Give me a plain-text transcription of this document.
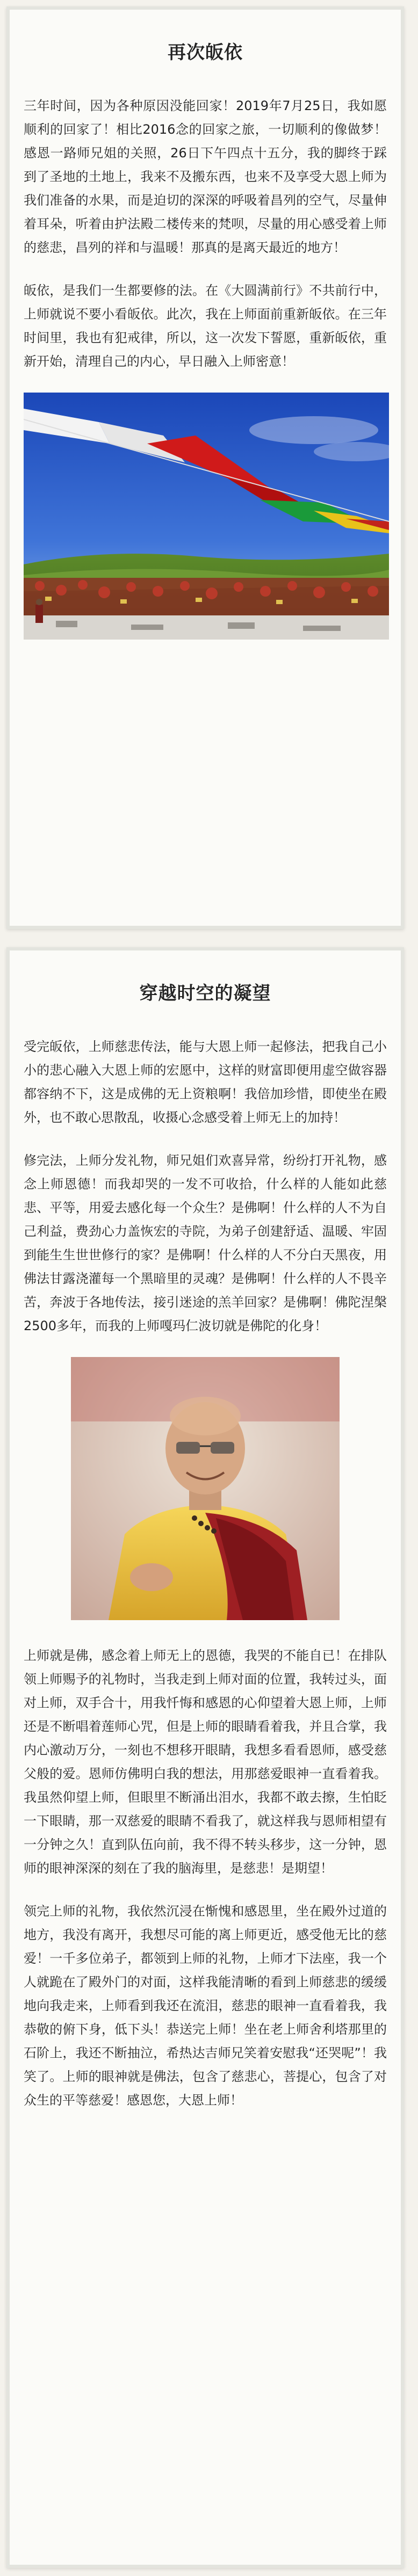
再次皈依

三年时间，因为各种原因没能回家！2019年7月25日，我如愿顺利的回家了！相比2016念的回家之旅，一切顺利的像做梦！感恩一路师兄姐的关照，26日下午四点十五分，我的脚终于踩到了圣地的土地上，我来不及搬东西，也来不及享受大恩上师为我们准备的水果，而是迫切的深深的呼吸着昌列的空气，尽量伸着耳朵，听着由护法殿二楼传来的梵呗，尽量的用心感受着上师的慈悲，昌列的祥和与温暖！那真的是离天最近的地方！

皈依，是我们一生都要修的法。在《大圆满前行》不共前行中，上师就说不要小看皈依。此次，我在上师面前重新皈依。在三年时间里，我也有犯戒律，所以，这一次发下誓愿，重新皈依，重新开始，清理自己的内心，早日融入上师密意！

穿越时空的凝望

受完皈依，上师慈悲传法，能与大恩上师一起修法，把我自己小小的悲心融入大恩上师的宏愿中，这样的财富即便用虚空做容器都容纳不下，这是成佛的无上资粮啊！我倍加珍惜，即使坐在殿外，也不敢心思散乱，收摄心念感受着上师无上的加持！

修完法，上师分发礼物，师兄姐们欢喜异常，纷纷打开礼物，感念上师恩德！而我却哭的一发不可收拾，什么样的人能如此慈悲、平等，用爱去感化每一个众生？是佛啊！什么样的人不为自己利益，费劲心力盖恢宏的寺院，为弟子创建舒适、温暖、牢固到能生生世世修行的家？是佛啊！什么样的人不分白天黑夜，用佛法甘露浇灌每一个黑暗里的灵魂？是佛啊！什么样的人不畏辛苦，奔波于各地传法，接引迷途的羔羊回家？是佛啊！佛陀涅槃2500多年，而我的上师嘎玛仁波切就是佛陀的化身！

上师就是佛，感念着上师无上的恩德，我哭的不能自已！在排队领上师赐予的礼物时，当我走到上师对面的位置，我转过头，面对上师，双手合十，用我忏悔和感恩的心仰望着大恩上师，上师还是不断唱着莲师心咒，但是上师的眼睛看着我，并且合掌，我内心激动万分，一刻也不想移开眼睛，我想多看看恩师，感受慈父般的爱。恩师仿佛明白我的想法，用那慈爱眼神一直看着我。我虽然仰望上师，但眼里不断涌出泪水，我都不敢去擦，生怕眨一下眼睛，那一双慈爱的眼睛不看我了，就这样我与恩师相望有一分钟之久！直到队伍向前，我不得不转头移步，这一分钟，恩师的眼神深深的刻在了我的脑海里，是慈悲！是期望！

领完上师的礼物，我依然沉浸在惭愧和感恩里，坐在殿外过道的地方，我没有离开，我想尽可能的离上师更近，感受他无比的慈爱！一千多位弟子，都领到上师的礼物，上师才下法座，我一个人就跪在了殿外门的对面，这样我能清晰的看到上师慈悲的缓缓地向我走来，上师看到我还在流泪，慈悲的眼神一直看着我，我恭敬的俯下身，低下头！恭送完上师！坐在老上师舍利塔那里的石阶上，我还不断抽泣，希热达吉师兄笑着安慰我“还哭呢”！我笑了。上师的眼神就是佛法，包含了慈悲心，菩提心，包含了对众生的平等慈爱！感恩您，大恩上师！
